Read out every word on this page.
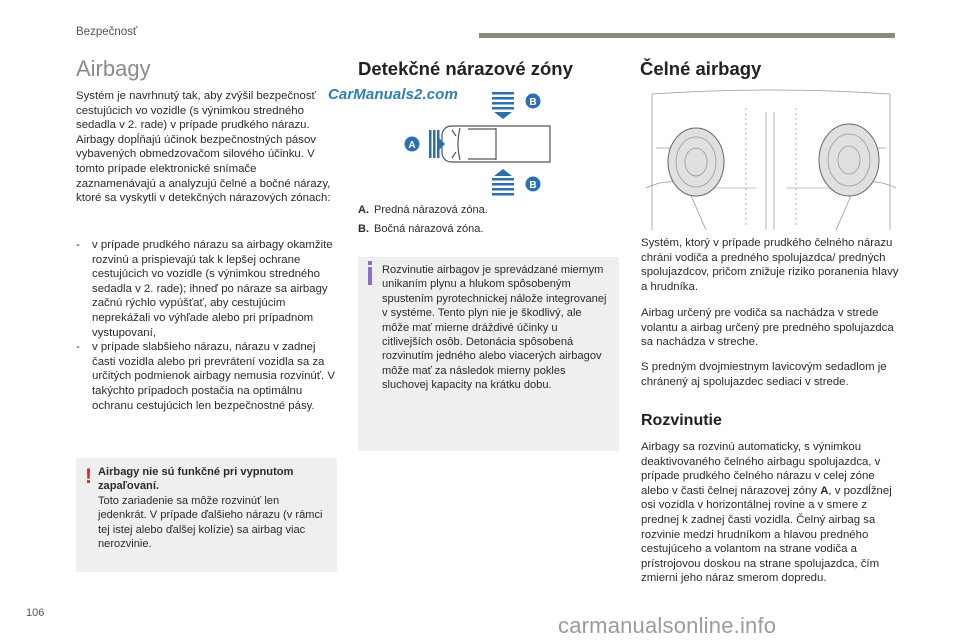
Bezpečnosť
Airbagy

Systém je navrhnutý tak, aby zvýšil bezpečnosť cestujúcich vo vozidle (s výnimkou stredného sedadla v 2. rade) v prípade prudkého nárazu. Airbagy dopĺňajú účinok bezpečnostných pásov vybavených obmedzovačom silového účinku. V tomto prípade elektronické snímače zaznamenávajú a analyzujú čelné a bočné nárazy, ktoré sa vyskytli v detekčných nárazových zónach:

- v prípade prudkého nárazu sa airbagy okamžite rozvinú a prispievajú tak k lepšej ochrane cestujúcich vo vozidle (s výnimkou stredného sedadla v 2. rade); ihneď po náraze sa airbagy začnú rýchlo vypúšťať, aby cestujúcim neprekážali vo výhľade alebo pri prípadnom vystupovaní,
- v prípade slabšieho nárazu, nárazu v zadnej časti vozidla alebo pri prevrátení vozidla sa za určitých podmienok airbagy nemusia rozvinúť. V takýchto prípadoch postačia na optimálnu ochranu cestujúcich len bezpečnostné pásy.
! Airbagy nie sú funkčné pri vypnutom zapaľovaní.

Toto zariadenie sa môže rozvinúť len jedenkrát. V prípade ďalšieho nárazu (v rámci tej istej alebo ďalšej kolízie) sa airbag viac nerozvinie.

Detekčné nárazové zóny
CarManuals2.com
A
B
B
A. Predná nárazová zóna.
B. Bočná nárazová zóna.

Rozvinutie airbagov je sprevádzané miernym unikaním plynu a hlukom spôsobeným spustením pyrotechnickej nálože integrovanej v systéme. Tento plyn nie je škodlivý, ale môže mať mierne dráždivé účinky u citlivejších osôb. Detonácia spôsobená rozvinutím jedného alebo viacerých airbagov môže mať za následok mierny pokles sluchovej kapacity na krátku dobu.

Čelné airbagy

Systém, ktorý v prípade prudkého čelného nárazu chráni vodiča a predného spolujazdca/ predných spolujazdcov, pričom znižuje riziko poranenia hlavy a hrudníka.

Airbag určený pre vodiča sa nachádza v strede volantu a airbag určený pre predného spolujazdca sa nachádza v streche.

S predným dvojmiestnym lavicovým sedadlom je chránený aj spolujazdec sediaci v strede.

Rozvinutie

Airbagy sa rozvinú automaticky, s výnimkou deaktivovaného čelného airbagu spolujazdca, v prípade prudkého čelného nárazu v celej zóne alebo v časti čelnej nárazovej zóny A, v pozdĺžnej osi vozidla v horizontálnej rovine a v smere z prednej k zadnej časti vozidla. Čelný airbag sa rozvinie medzi hrudníkom a hlavou predného cestujúceho a volantom na strane vodiča a prístrojovou doskou na strane spolujazdca, čím zmierni jeho náraz smerom dopredu.

106	carmanualsonline.info
